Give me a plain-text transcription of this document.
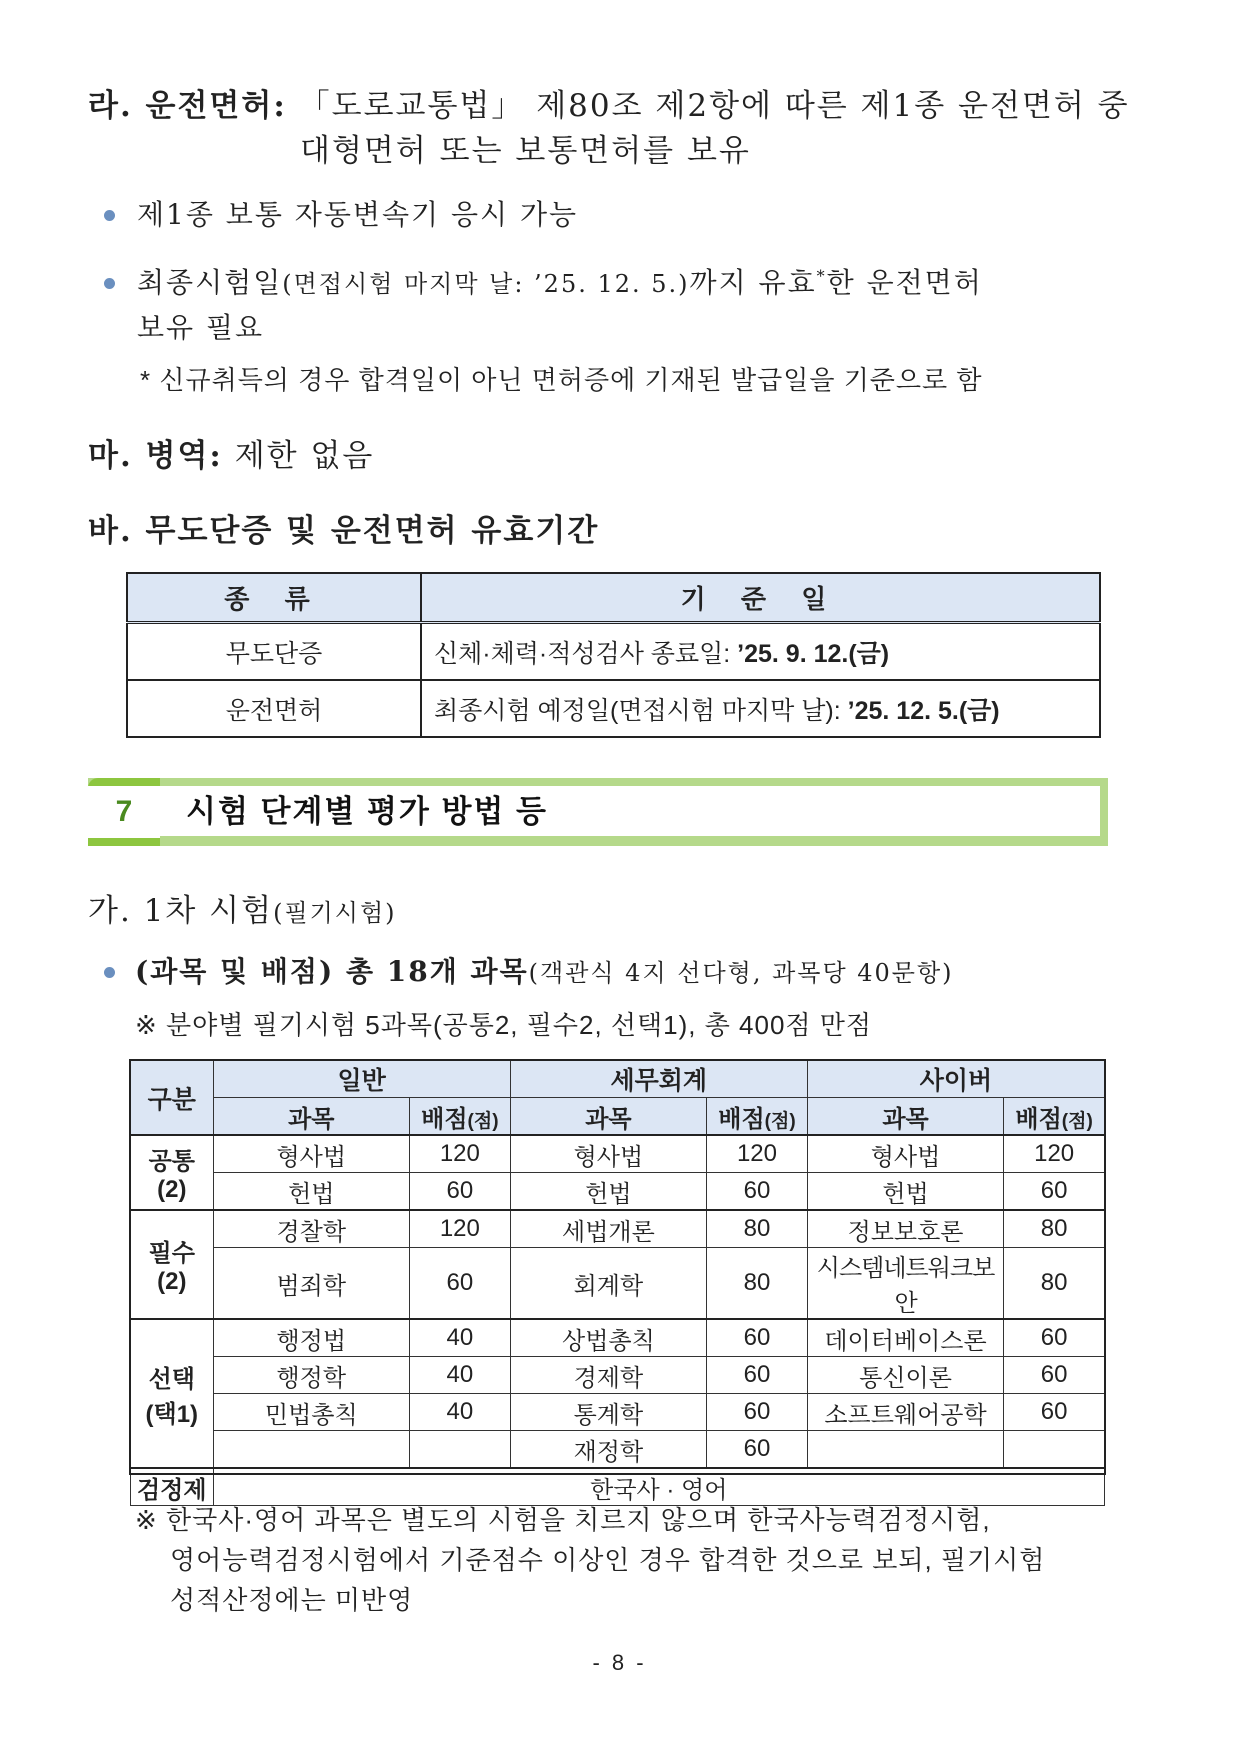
라. 운전면허: 「도로교통법」 제80조 제2항에 따른 제1종 운전면허 중
대형면허 또는 보통면허를 보유
제1종 보통 자동변속기 응시 가능
최종시험일(면접시험 마지막 날: ’25. 12. 5.)까지 유효*한 운전면허
보유 필요
* 신규취득의 경우 합격일이 아닌 면허증에 기재된 발급일을 기준으로 함
마. 병역: 제한 없음
바. 무도단증 및 운전면허 유효기간
종 류	기 준 일
무도단증	신체·체력·적성검사 종료일: ’25. 9. 12.(금)
운전면허	최종시험 예정일(면접시험 마지막 날): ’25. 12. 5.(금)
7	시험 단계별 평가 방법 등
가. 1차 시험(필기시험)
(과목 및 배점) 총 18개 과목(객관식 4지 선다형, 과목당 40문항)
※ 분야별 필기시험 5과목(공통2, 필수2, 선택1), 총 400점 만점
구분	일반		세무회계		사이버	
	과목	배점(점)	과목	배점(점)	과목	배점(점)

공통
(2)	형사법	120	형사법	120	형사법	120
	헌법	60	헌법	60	헌법	60

필수
(2)	경찰학	120	세법개론	80	정보보호론	80
	범죄학	60	회계학	80	시스템네트워크보안	80

선택
(택1)	행정법	40	상법총칙	60	데이터베이스론	60
	행정학	40	경제학	60	통신이론	60
	민법총칙	40	통계학	60	소프트웨어공학	60
			재정학	60		
검정제	한국사 · 영어					
※ 한국사·영어 과목은 별도의 시험을 치르지 않으며 한국사능력검정시험,
영어능력검정시험에서 기준점수 이상인 경우 합격한 것으로 보되, 필기시험
성적산정에는 미반영
- 8 -
